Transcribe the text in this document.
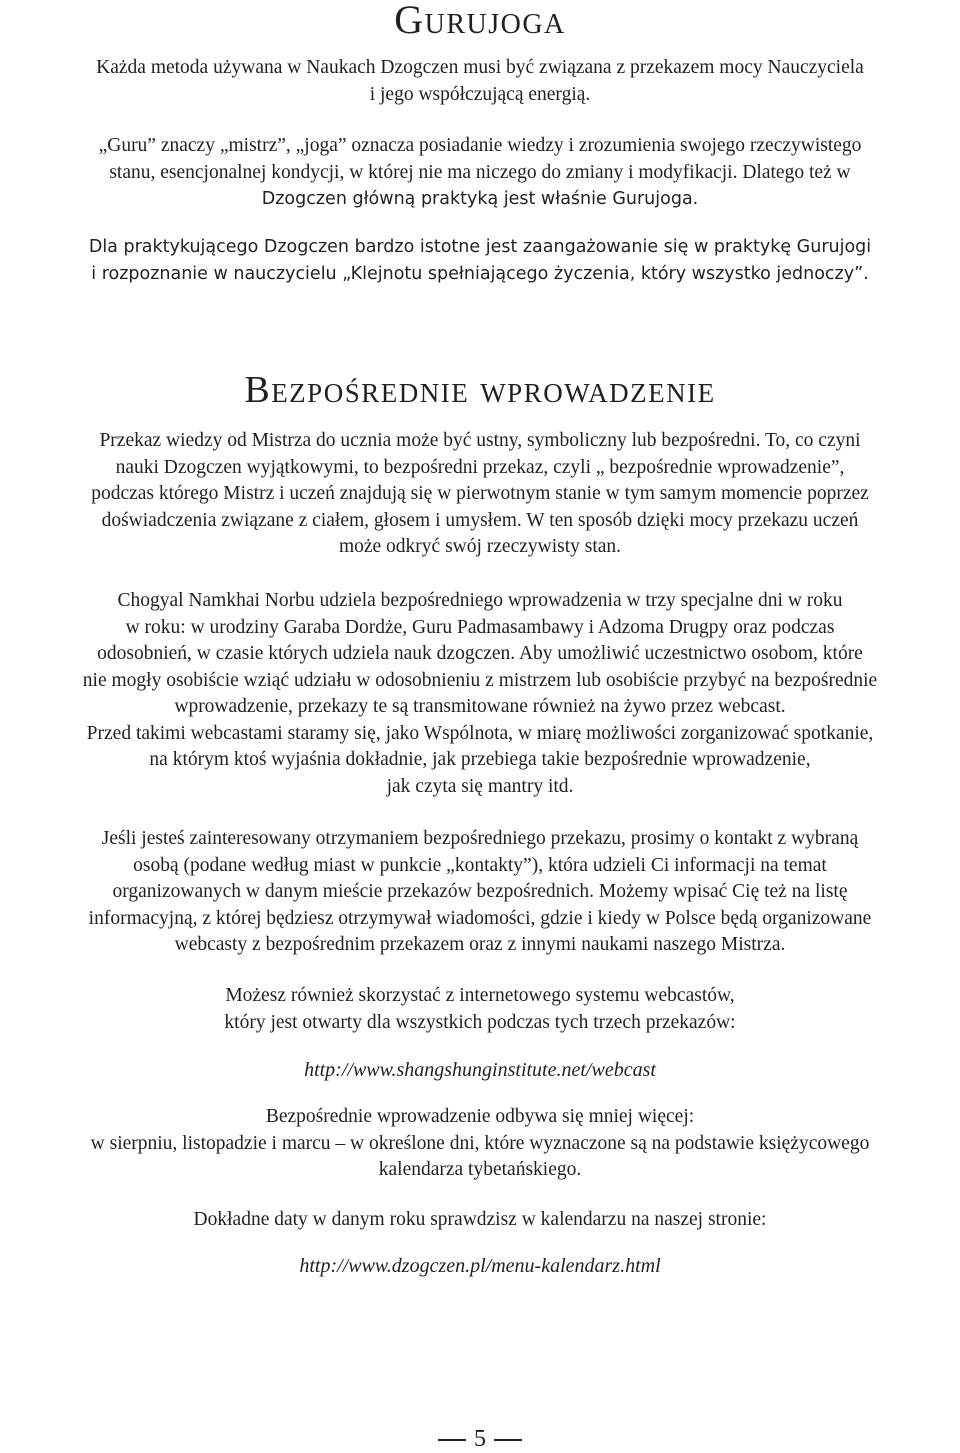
Gurujoga
Każda metoda używana w Naukach Dzogczen musi być związana z przekazem mocy Nauczyciela
i jego współczującą energią.
„Guru” znaczy „mistrz”, „joga” oznacza posiadanie wiedzy i zrozumienia swojego rzeczywistego
stanu, esencjonalnej kondycji, w której nie ma niczego do zmiany i modyfikacji. Dlatego też w
Dzogczen główną praktyką jest właśnie Gurujoga.
Dla praktykującego Dzogczen bardzo istotne jest zaangażowanie się w praktykę Gurujogi
i rozpoznanie w nauczycielu „Klejnotu spełniającego życzenia, który wszystko jednoczy”.
Bezpośrednie wprowadzenie
Przekaz wiedzy od Mistrza do ucznia może być ustny, symboliczny lub bezpośredni. To, co czyni
nauki Dzogczen wyjątkowymi, to bezpośredni przekaz, czyli „ bezpośrednie wprowadzenie”,
podczas którego Mistrz i uczeń znajdują się w pierwotnym stanie w tym samym momencie poprzez
doświadczenia związane z ciałem, głosem i umysłem. W ten sposób dzięki mocy przekazu uczeń
może odkryć swój rzeczywisty stan.
Chogyal Namkhai Norbu udziela bezpośredniego wprowadzenia w trzy specjalne dni w roku
w roku: w urodziny Garaba Dordże, Guru Padmasambawy i Adzoma Drugpy oraz podczas
odosobnień, w czasie których udziela nauk dzogczen. Aby umożliwić uczestnictwo osobom, które
nie mogły osobiście wziąć udziału w odosobnieniu z mistrzem lub osobiście przybyć na bezpośrednie
wprowadzenie, przekazy te są transmitowane również na żywo przez webcast.
Przed takimi webcastami staramy się, jako Wspólnota, w miarę możliwości zorganizować spotkanie,
na którym ktoś wyjaśnia dokładnie, jak przebiega takie bezpośrednie wprowadzenie,
jak czyta się mantry itd.
Jeśli jesteś zainteresowany otrzymaniem bezpośredniego przekazu, prosimy o kontakt z wybraną
osobą (podane według miast w punkcie „kontakty”), która udzieli Ci informacji na temat
organizowanych w danym mieście przekazów bezpośrednich. Możemy wpisać Cię też na listę
informacyjną, z której będziesz otrzymywał wiadomości, gdzie i kiedy w Polsce będą organizowane
webcasty z bezpośrednim przekazem oraz z innymi naukami naszego Mistrza.
Możesz również skorzystać z internetowego systemu webcastów,
który jest otwarty dla wszystkich podczas tych trzech przekazów:
http://www.shangshunginstitute.net/webcast
Bezpośrednie wprowadzenie odbywa się mniej więcej:
w sierpniu, listopadzie i marcu – w określone dni, które wyznaczone są na podstawie księżycowego
kalendarza tybetańskiego.
Dokładne daty w danym roku sprawdzisz w kalendarzu na naszej stronie:
http://www.dzogczen.pl/menu-kalendarz.html
5
